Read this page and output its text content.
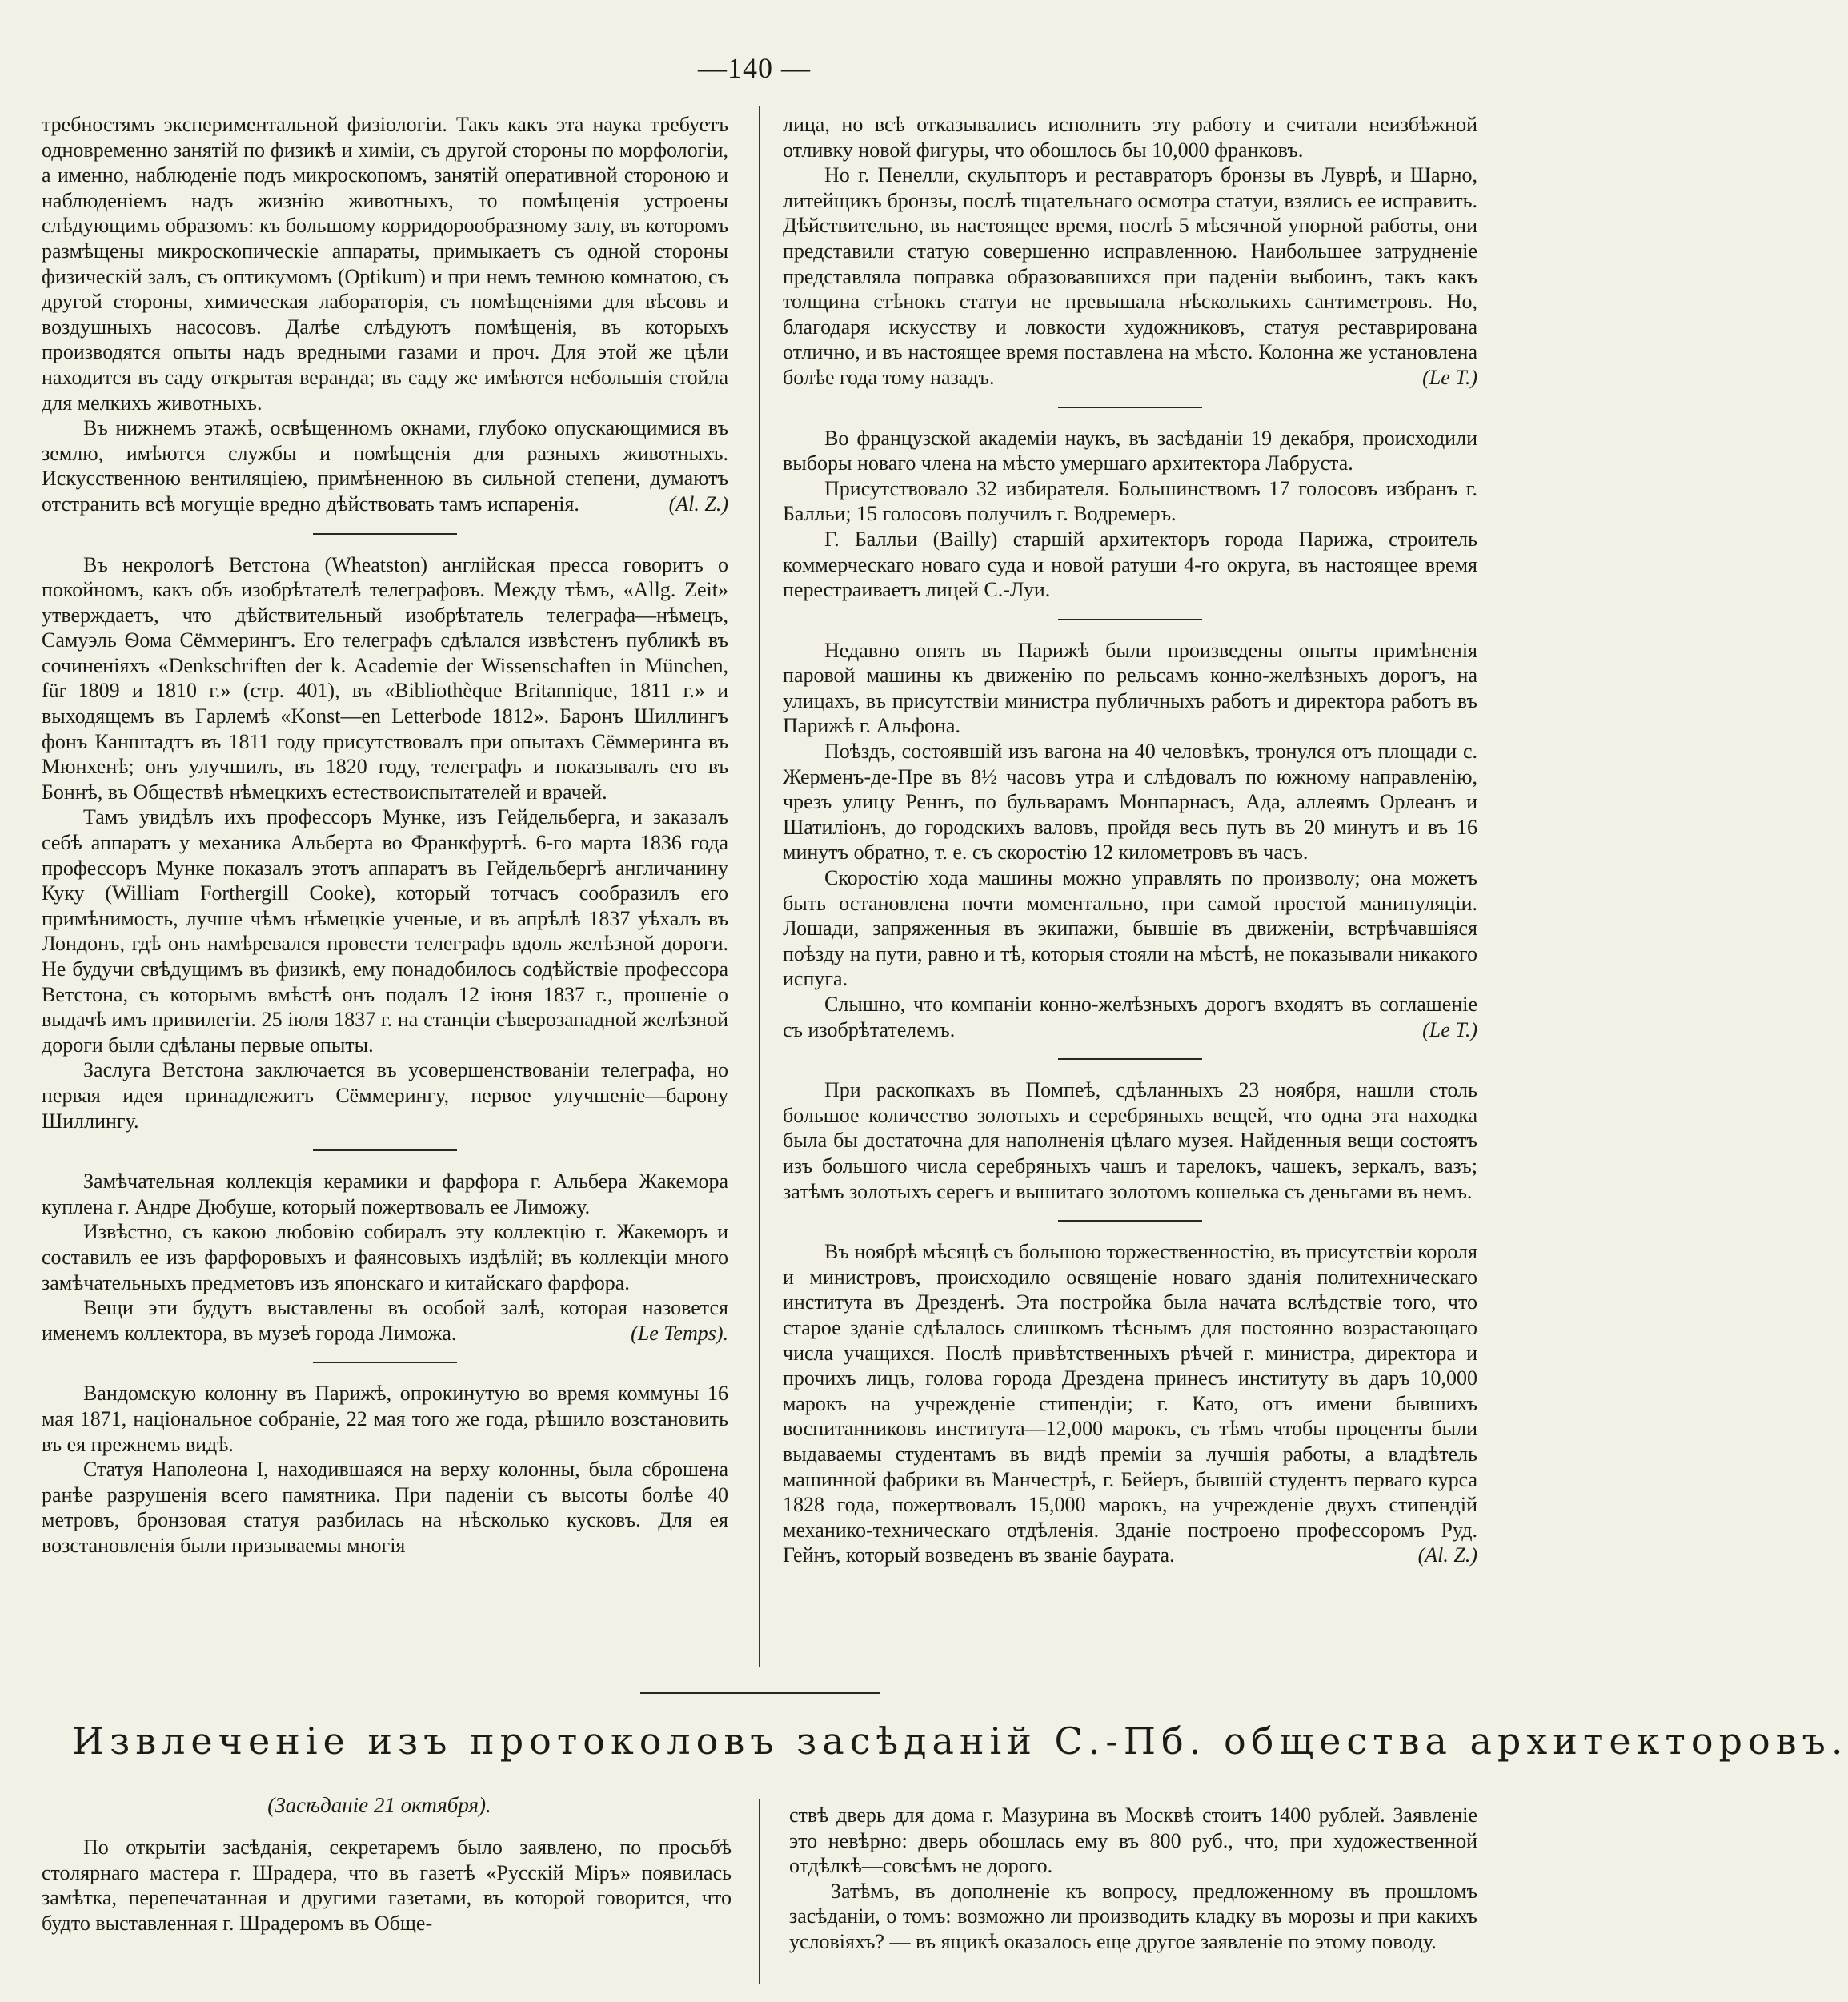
—140 —

требностямъ экспериментальной физіологіи. Такъ какъ эта наука требуетъ одновременно занятій по физикѣ и химіи, съ другой стороны по морфологіи, а именно, наблюденіе подъ микроскопомъ, занятій оперативной стороною и наблюденіемъ надъ жизнію животныхъ, то помѣщенія устроены слѣдующимъ образомъ: къ большому корридорообразному залу, въ которомъ размѣщены микроскопическіе аппараты, примыкаетъ съ одной стороны физическій залъ, съ оптикумомъ (Optikum) и при немъ темною комнатою, съ другой стороны, химическая лабораторія, съ помѣщеніями для вѣсовъ и воздушныхъ насосовъ. Далѣе слѣдуютъ помѣщенія, въ которыхъ производятся опыты надъ вредными газами и проч. Для этой же цѣли находится въ саду открытая веранда; въ саду же имѣются небольшія стойла для мелкихъ животныхъ.

Въ нижнемъ этажѣ, освѣщенномъ окнами, глубоко опускающимися въ землю, имѣются службы и помѣщенія для разныхъ животныхъ. Искусственною вентиляціею, примѣненною въ сильной степени, думаютъ отстранить всѣ могущіе вредно дѣйствовать тамъ испаренія.	(Al. Z.)

Въ некрологѣ Ветстона (Wheatston) англійская пресса говоритъ о покойномъ, какъ объ изобрѣтателѣ телеграфовъ. Между тѣмъ, «Allg. Zeit» утверждаетъ, что дѣйствительный изобрѣтатель телеграфа—нѣмецъ, Самуэль Ѳома Сёммерингъ. Его телеграфъ сдѣлался извѣстенъ публикѣ въ сочиненіяхъ «Denkschriften der k. Academie der Wissenschaften in München, für 1809 и 1810 г.» (стр. 401), въ «Bibliothèque Britannique, 1811 г.» и выходящемъ въ Гарлемѣ «Konst—en Letterbode 1812». Баронъ Шиллингъ фонъ Канштадтъ въ 1811 году присутствовалъ при опытахъ Сёммеринга въ Мюнхенѣ; онъ улучшилъ, въ 1820 году, телеграфъ и показывалъ его въ Боннѣ, въ Обществѣ нѣмецкихъ естествоиспытателей и врачей.

Тамъ увидѣлъ ихъ профессоръ Мунке, изъ Гейдельберга, и заказалъ себѣ аппаратъ у механика Альберта во Франкфуртѣ. 6-го марта 1836 года профессоръ Мунке показалъ этотъ аппаратъ въ Гейдельбергѣ англичанину Куку (William Forthergill Cooke), который тотчасъ сообразилъ его примѣнимость, лучше чѣмъ нѣмецкіе ученые, и въ апрѣлѣ 1837 уѣхалъ въ Лондонъ, гдѣ онъ намѣревался провести телеграфъ вдоль желѣзной дороги. Не будучи свѣдущимъ въ физикѣ, ему понадобилось содѣйствіе профессора Ветстона, съ которымъ вмѣстѣ онъ подалъ 12 іюня 1837 г., прошеніе о выдачѣ имъ привилегіи. 25 іюля 1837 г. на станціи сѣверозападной желѣзной дороги были сдѣланы первые опыты.

Заслуга Ветстона заключается въ усовершенствованіи телеграфа, но первая идея принадлежитъ Сёммерингу, первое улучшеніе—барону Шиллингу.

Замѣчательная коллекція керамики и фарфора г. Альбера Жакемора куплена г. Андре Дюбуше, который пожертвовалъ ее Лиможу.

Извѣстно, съ какою любовію собиралъ эту коллекцію г. Жакеморъ и составилъ ее изъ фарфоровыхъ и фаянсовыхъ издѣлій; въ коллекціи много замѣчательныхъ предметовъ изъ японскаго и китайскаго фарфора.

Вещи эти будутъ выставлены въ особой залѣ, которая назовется именемъ коллектора, въ музеѣ города Лиможа.	(Le Temps).

Вандомскую колонну въ Парижѣ, опрокинутую во время коммуны 16 мая 1871, національное собраніе, 22 мая того же года, рѣшило возстановить въ ея прежнемъ видѣ.

Статуя Наполеона I, находившаяся на верху колонны, была сброшена ранѣе разрушенія всего памятника. При паденіи съ высоты болѣе 40 метровъ, бронзовая статуя разбилась на нѣсколько кусковъ. Для ея возстановленія были призываемы многія

лица, но всѣ отказывались исполнить эту работу и считали неизбѣжной отливку новой фигуры, что обошлось бы 10,000 франковъ.

Но г. Пенелли, скульпторъ и реставраторъ бронзы въ Луврѣ, и Шарно, литейщикъ бронзы, послѣ тщательнаго осмотра статуи, взялись ее исправить. Дѣйствительно, въ настоящее время, послѣ 5 мѣсячной упорной работы, они представили статую совершенно исправленною. Наибольшее затрудненіе представляла поправка образовавшихся при паденіи выбоинъ, такъ какъ толщина стѣнокъ статуи не превышала нѣсколькихъ сантиметровъ. Но, благодаря искусству и ловкости художниковъ, статуя реставрирована отлично, и въ настоящее время поставлена на мѣсто. Колонна же установлена болѣе года тому назадъ.	(Le T.)

Во французской академіи наукъ, въ засѣданіи 19 декабря, происходили выборы новаго члена на мѣсто умершаго архитектора Лабруста.

Присутствовало 32 избирателя. Большинствомъ 17 голосовъ избранъ г. Балльи; 15 голосовъ получилъ г. Водремеръ.

Г. Балльи (Bailly) старшій архитекторъ города Парижа, строитель коммерческаго новаго суда и новой ратуши 4-го округа, въ настоящее время перестраиваетъ лицей С.-Луи.

Недавно опять въ Парижѣ были произведены опыты примѣненія паровой машины къ движенію по рельсамъ конно-желѣзныхъ дорогъ, на улицахъ, въ присутствіи министра публичныхъ работъ и директора работъ въ Парижѣ г. Альфона.

Поѣздъ, состоявшій изъ вагона на 40 человѣкъ, тронулся отъ площади с. Жерменъ-де-Пре въ 8½ часовъ утра и слѣдовалъ по южному направленію, чрезъ улицу Реннъ, по бульварамъ Монпарнасъ, Ада, аллеямъ Орлеанъ и Шатиліонъ, до городскихъ валовъ, пройдя весь путь въ 20 минутъ и въ 16 минутъ обратно, т. е. съ скоростію 12 километровъ въ часъ.

Скоростію хода машины можно управлять по произволу; она можетъ быть остановлена почти моментально, при самой простой манипуляціи. Лошади, запряженныя въ экипажи, бывшіе въ движеніи, встрѣчавшіяся поѣзду на пути, равно и тѣ, которыя стояли на мѣстѣ, не показывали никакого испуга.

Слышно, что компаніи конно-желѣзныхъ дорогъ входятъ въ соглашеніе съ изобрѣтателемъ.	(Le T.)

При раскопкахъ въ Помпеѣ, сдѣланныхъ 23 ноября, нашли столь большое количество золотыхъ и серебряныхъ вещей, что одна эта находка была бы достаточна для наполненія цѣлаго музея. Найденныя вещи состоятъ изъ большого числа серебряныхъ чашъ и тарелокъ, чашекъ, зеркалъ, вазъ; затѣмъ золотыхъ серегъ и вышитаго золотомъ кошелька съ деньгами въ немъ.

Въ ноябрѣ мѣсяцѣ съ большою торжественностію, въ присутствіи короля и министровъ, происходило освященіе новаго зданія политехническаго института въ Дрезденѣ. Эта постройка была начата вслѣдствіе того, что старое зданіе сдѣлалось слишкомъ тѣснымъ для постоянно возрастающаго числа учащихся. Послѣ привѣтственныхъ рѣчей г. министра, директора и прочихъ лицъ, голова города Дрездена принесъ институту въ даръ 10,000 марокъ на учрежденіе стипендіи; г. Като, отъ имени бывшихъ воспитанниковъ института—12,000 марокъ, съ тѣмъ чтобы проценты были выдаваемы студентамъ въ видѣ преміи за лучшія работы, а владѣтель машинной фабрики въ Манчестрѣ, г. Бейеръ, бывшій студентъ перваго курса 1828 года, пожертвовалъ 15,000 марокъ, на учрежденіе двухъ стипендій механико-техническаго отдѣленія. Зданіе построено профессоромъ Руд. Гейнъ, который возведенъ въ званіе баурата.	(Al. Z.)

Извлеченіе изъ протоколовъ засѣданій С.-Пб. общества архитекторовъ.
(Засѣданіе 21 октября).

По открытіи засѣданія, секретаремъ было заявлено, по просьбѣ столярнаго мастера г. Шрадера, что въ газетѣ «Русскій Міръ» появилась замѣтка, перепечатанная и другими газетами, въ которой говорится, что будто выставленная г. Шрадеромъ въ Обще-

ствѣ дверь для дома г. Мазурина въ Москвѣ стоитъ 1400 рублей. Заявленіе это невѣрно: дверь обошлась ему въ 800 руб., что, при художественной отдѣлкѣ—совсѣмъ не дорого.

Затѣмъ, въ дополненіе къ вопросу, предложенному въ прошломъ засѣданіи, о томъ: возможно ли производить кладку въ морозы и при какихъ условіяхъ? — въ ящикѣ оказалось еще другое заявленіе по этому поводу.
